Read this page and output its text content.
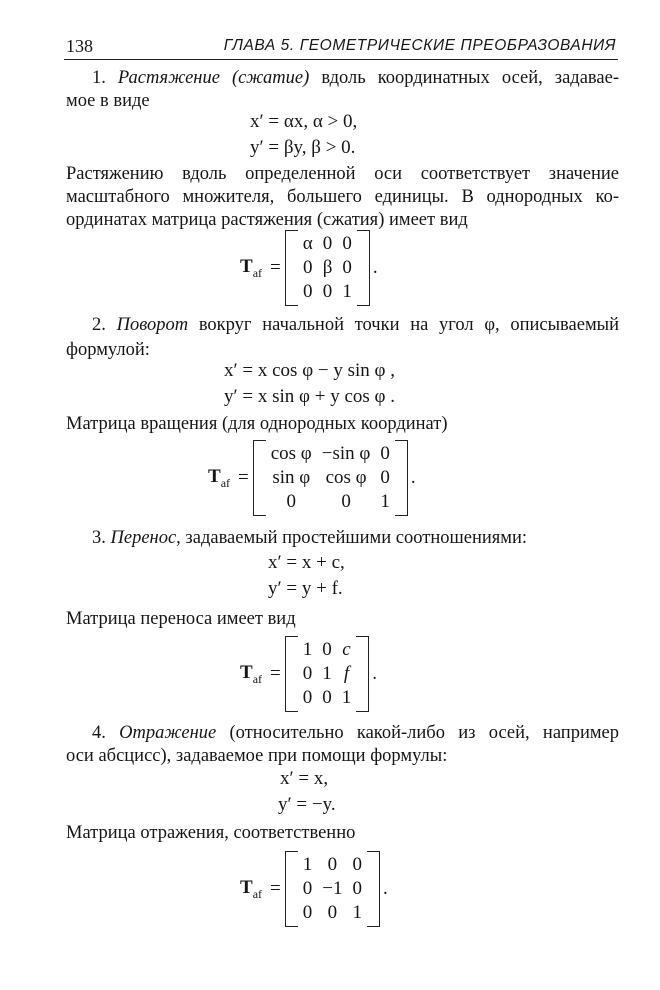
138	ГЛАВА 5. ГЕОМЕТРИЧЕСКИЕ ПРЕОБРАЗОВАНИЯ
1. Растяжение (сжатие) вдоль координатных осей, задавае-
мое в виде
x′ = αx, α > 0,
y′ = βy, β > 0.
Растяжению вдоль определенной оси соответствует значение
масштабного множителя, большего единицы. В однородных ко-
ординатах матрица растяжения (сжатия) имеет вид
$T_{af}$ =
α	0	0
0	β	0
0	0	1
.
2. Поворот вокруг начальной точки на угол φ, описываемый
формулой:
x′ = x cos φ − y sin φ ,
y′ = x sin φ + y cos φ .
Матрица вращения (для однородных координат)
$T_{af}$ =
cos φ	−sin φ	0
sin φ	cos φ	0
0	0	1
.
3. Перенос, задаваемый простейшими соотношениями:
x′ = x + c,
y′ = y + f.
Матрица переноса имеет вид
$T_{af}$ =
1	0	c
0	1	f
0	0	1
.
4. Отражение (относительно какой-либо из осей, например
оси абсцисс), задаваемое при помощи формулы:
x′ = x,
y′ = −y.
Матрица отражения, соответственно
$T_{af}$ =
1	0	0
0	−1	0
0	0	1
.
